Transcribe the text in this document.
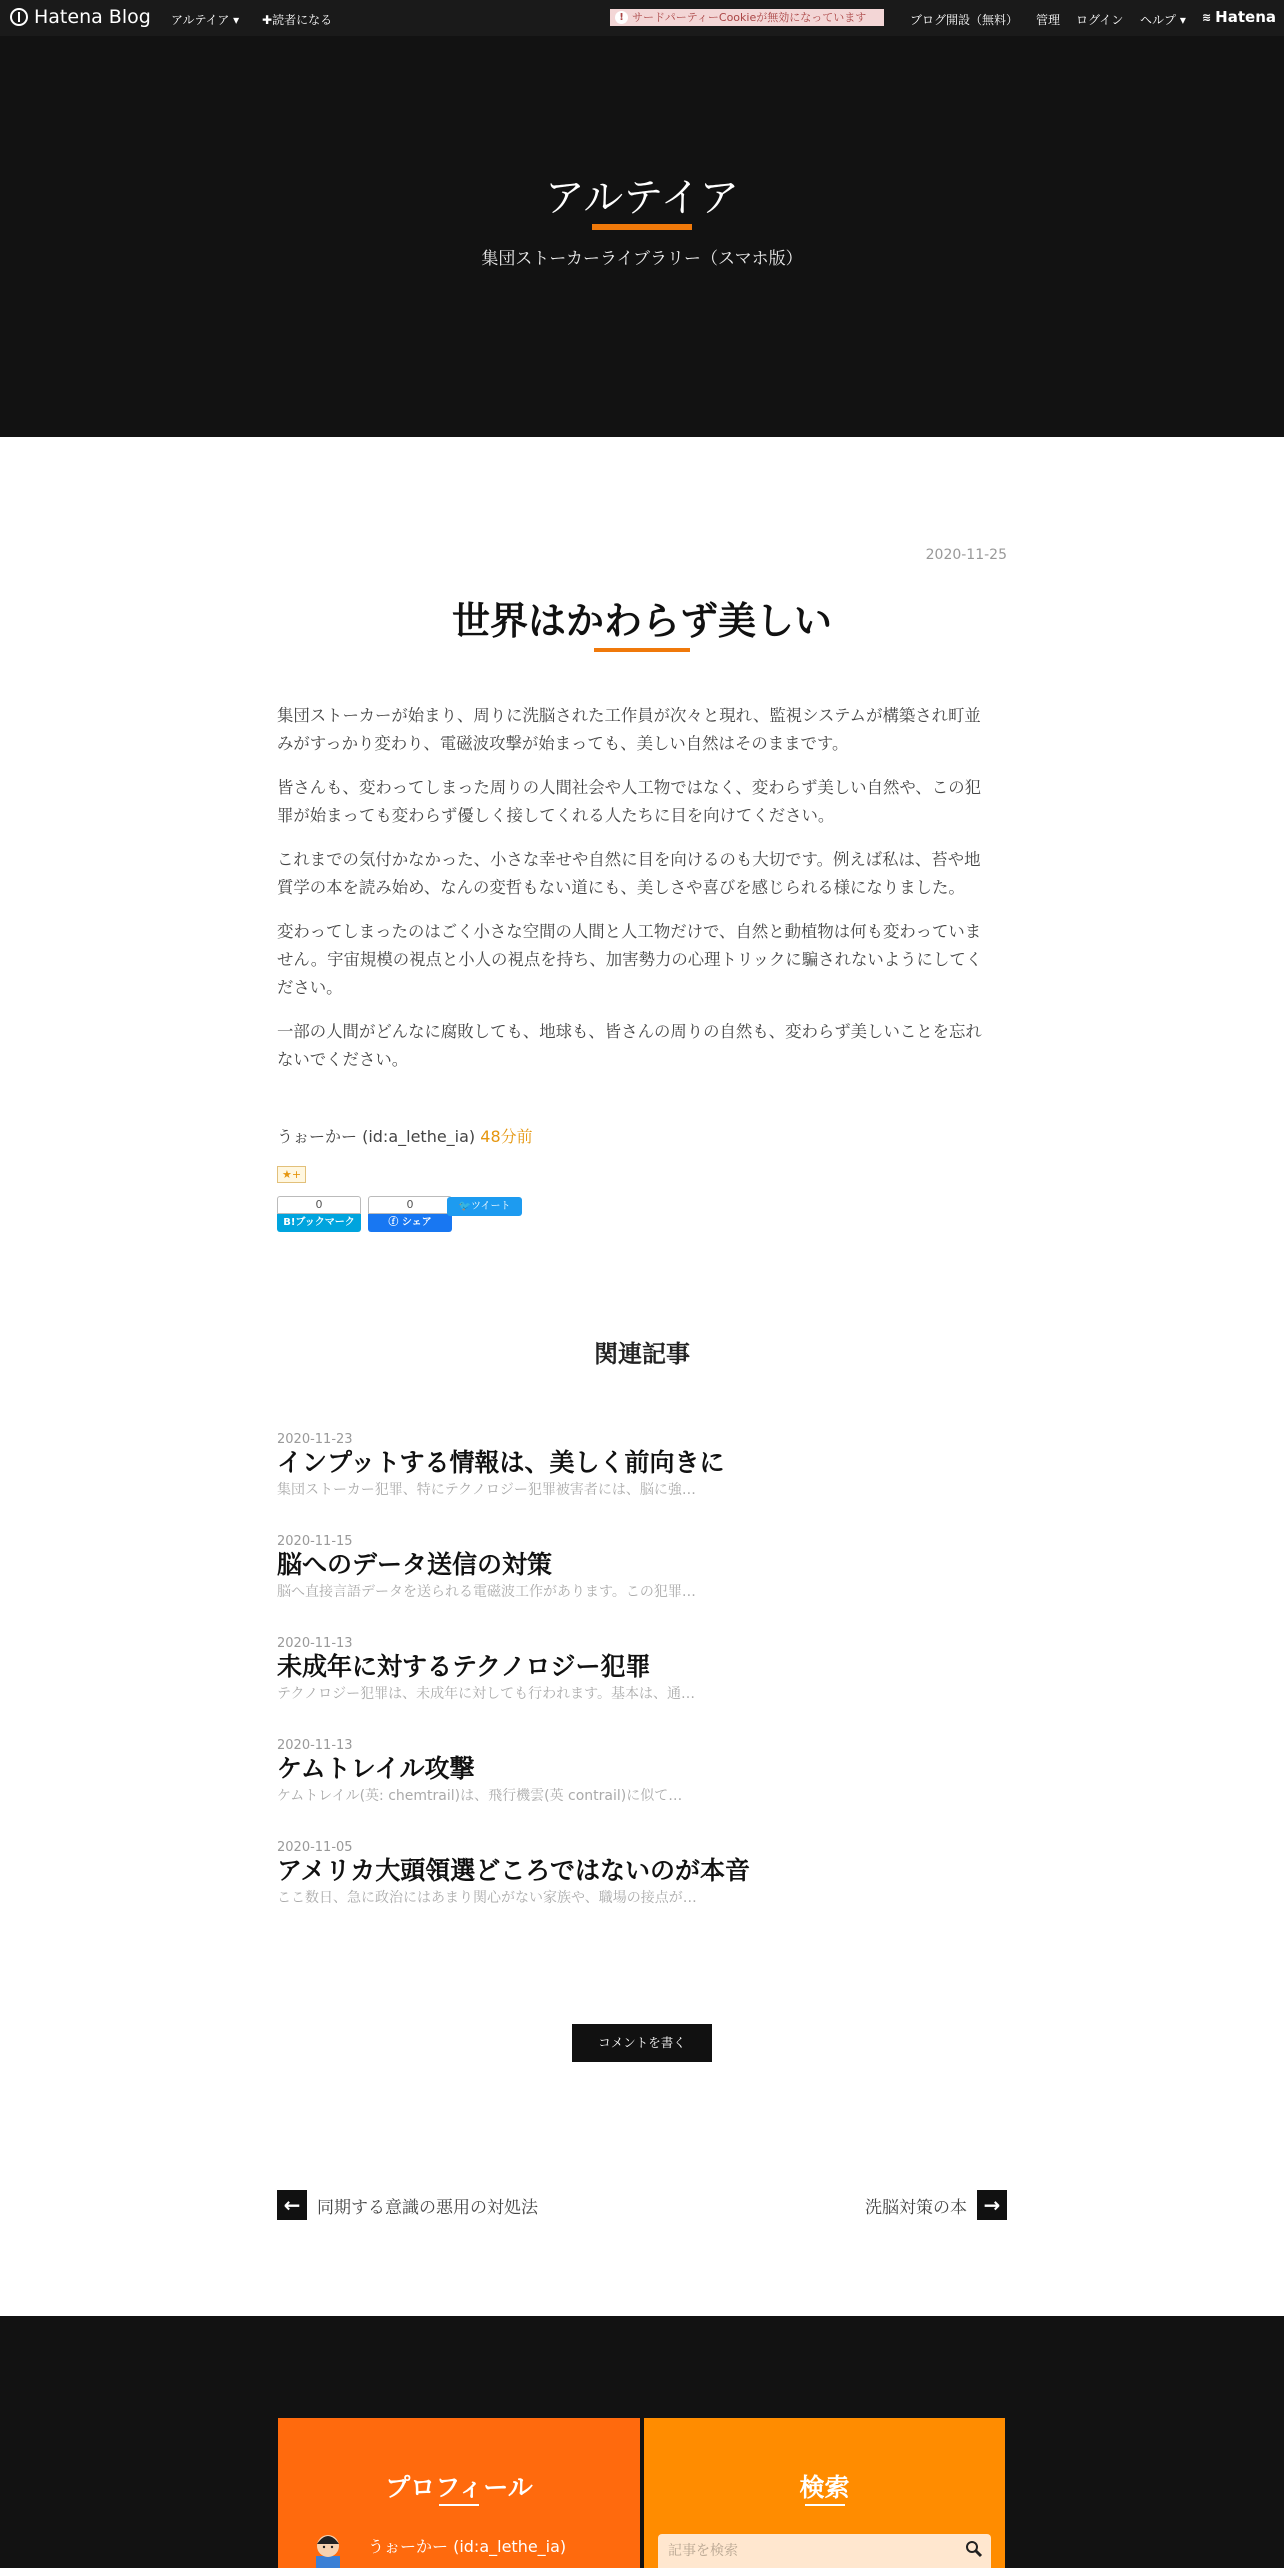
Hatena Blog アルテイア ▾ ✚読者になる	! サードパーティーCookieが無効になっています	ブログ開設（無料） 管理 ログイン ヘルプ ▾ ≋ Hatena
アルテイア
集団ストーカーライブラリー（スマホ版）
2020-11-25
世界はかわらず美しい

集団ストーカーが始まり、周りに洗脳された工作員が次々と現れ、監視システムが構築され町並みがすっかり変わり、電磁波攻撃が始まっても、美しい自然はそのままです。

皆さんも、変わってしまった周りの人間社会や人工物ではなく、変わらず美しい自然や、この犯罪が始まっても変わらず優しく接してくれる人たちに目を向けてください。

これまでの気付かなかった、小さな幸せや自然に目を向けるのも大切です。例えば私は、苔や地質学の本を読み始め、なんの変哲もない道にも、美しさや喜びを感じられる様になりました。

変わってしまったのはごく小さな空間の人間と人工物だけで、自然と動植物は何も変わっていません。宇宙規模の視点と小人の視点を持ち、加害勢力の心理トリックに騙されないようにしてください。

一部の人間がどんなに腐敗しても、地球も、皆さんの周りの自然も、変わらず美しいことを忘れないでください。

うぉーかー (id:a_lethe_ia) 48分前
★+
0
B!ブックマーク
0
ⓕ シェア
🐦ツイート
関連記事
2020-11-23
インプットする情報は、美しく前向きに
集団ストーカー犯罪、特にテクノロジー犯罪被害者には、脳に強…
2020-11-15
脳へのデータ送信の対策
脳へ直接言語データを送られる電磁波工作があります。この犯罪…
2020-11-13
未成年に対するテクノロジー犯罪
テクノロジー犯罪は、未成年に対しても行われます。基本は、通…
2020-11-13
ケムトレイル攻撃
ケムトレイル(英: chemtrail)は、飛行機雲(英 contrail)に似て…
2020-11-05
アメリカ大頭領選どころではないのが本音
ここ数日、急に政治にはあまり関心がない家族や、職場の接点が…
コメントを書く
← 同期する意識の悪用の対処法	洗脳対策の本 →
プロフィール
うぉーかー (id:a_lethe_ia)
検索
記事を検索
